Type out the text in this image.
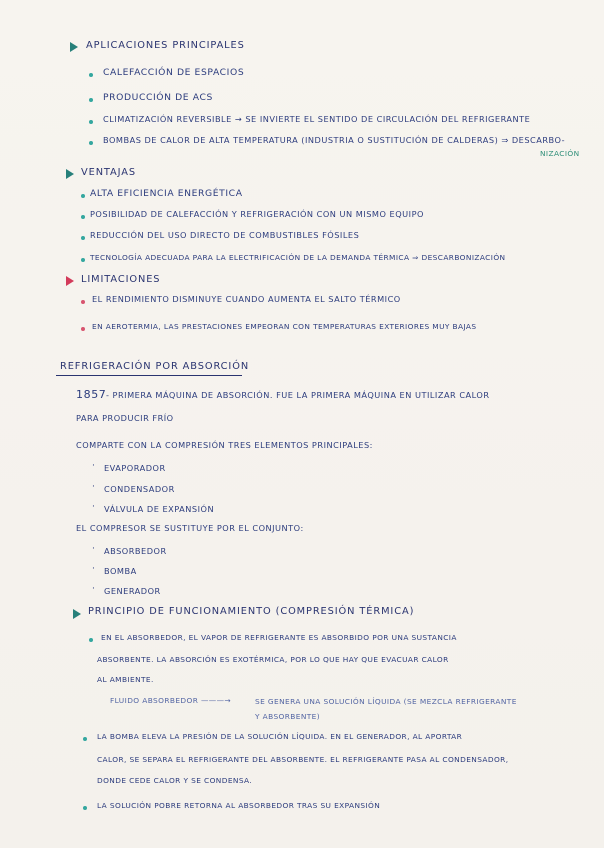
APLICACIONES PRINCIPALES
CALEFACCIÓN DE ESPACIOS
PRODUCCIÓN DE ACS
CLIMATIZACIÓN REVERSIBLE → SE INVIERTE EL SENTIDO DE CIRCULACIÓN DEL REFRIGERANTE
BOMBAS DE CALOR DE ALTA TEMPERATURA (INDUSTRIA O SUSTITUCIÓN DE CALDERAS) ⇒ DESCARBO-
NIZACIÓN
VENTAJAS
ALTA EFICIENCIA ENERGÉTICA
POSIBILIDAD DE CALEFACCIÓN Y REFRIGERACIÓN CON UN MISMO EQUIPO
REDUCCIÓN DEL USO DIRECTO DE COMBUSTIBLES FÓSILES
TECNOLOGÍA ADECUADA PARA LA ELECTRIFICACIÓN DE LA DEMANDA TÉRMICA ⇒ DESCARBONIZACIÓN
LIMITACIONES
EL RENDIMIENTO DISMINUYE CUANDO AUMENTA EL SALTO TÉRMICO
EN AEROTERMIA, LAS PRESTACIONES EMPEORAN CON TEMPERATURAS EXTERIORES MUY BAJAS
REFRIGERACIÓN POR ABSORCIÓN
1857 - PRIMERA MÁQUINA DE ABSORCIÓN. FUE LA PRIMERA MÁQUINA EN UTILIZAR CALOR
PARA PRODUCIR FRÍO
COMPARTE CON LA COMPRESIÓN TRES ELEMENTOS PRINCIPALES:
· EVAPORADOR
· CONDENSADOR
· VÁLVULA DE EXPANSIÓN
EL COMPRESOR SE SUSTITUYE POR EL CONJUNTO:
· ABSORBEDOR
· BOMBA
· GENERADOR
PRINCIPIO DE FUNCIONAMIENTO (COMPRESIÓN TÉRMICA)
EN EL ABSORBEDOR, EL VAPOR DE REFRIGERANTE ES ABSORBIDO POR UNA SUSTANCIA
ABSORBENTE. LA ABSORCIÓN ES EXOTÉRMICA, POR LO QUE HAY QUE EVACUAR CALOR
AL AMBIENTE.
FLUIDO ABSORBEDOR ———→	SE GENERA UNA SOLUCIÓN LÍQUIDA (SE MEZCLA REFRIGERANTE
Y ABSORBENTE)
LA BOMBA ELEVA LA PRESIÓN DE LA SOLUCIÓN LÍQUIDA. EN EL GENERADOR, AL APORTAR
CALOR, SE SEPARA EL REFRIGERANTE DEL ABSORBENTE. EL REFRIGERANTE PASA AL CONDENSADOR,
DONDE CEDE CALOR Y SE CONDENSA.
LA SOLUCIÓN POBRE RETORNA AL ABSORBEDOR TRAS SU EXPANSIÓN
